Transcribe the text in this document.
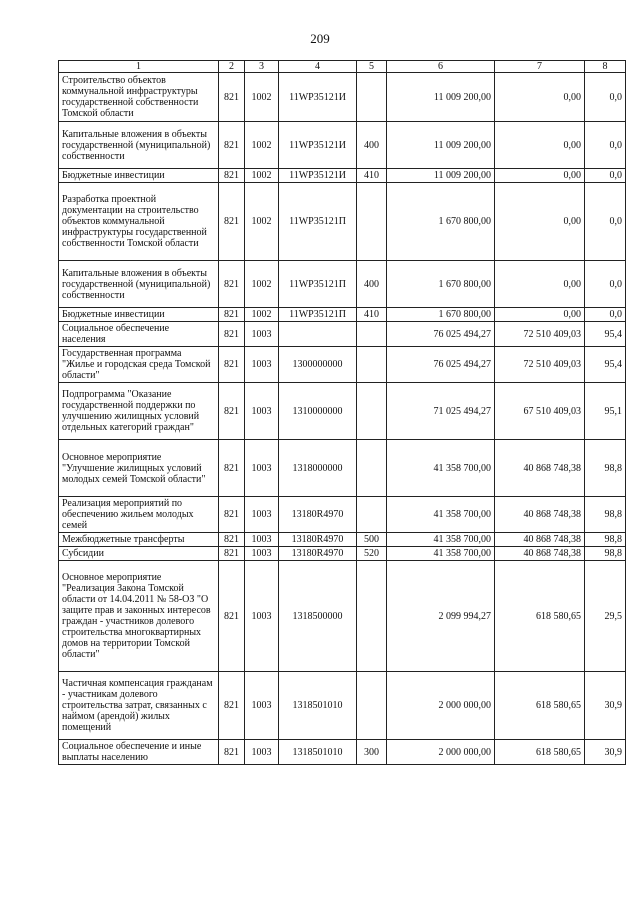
209
1	2	3	4	5	6	7	8
Строительство объектов коммунальной инфраструктуры государственной собственности Томской области	821	1002	11WP35121И		11 009 200,00	0,00	0,0
Капитальные вложения в объекты государственной (муниципальной) собственности	821	1002	11WP35121И	400	11 009 200,00	0,00	0,0
Бюджетные инвестиции	821	1002	11WP35121И	410	11 009 200,00	0,00	0,0
Разработка проектной документации на строительство объектов коммунальной инфраструктуры государственной собственности Томской области	821	1002	11WP35121П		1 670 800,00	0,00	0,0
Капитальные вложения в объекты государственной (муниципальной) собственности	821	1002	11WP35121П	400	1 670 800,00	0,00	0,0
Бюджетные инвестиции	821	1002	11WP35121П	410	1 670 800,00	0,00	0,0
Социальное обеспечение населения	821	1003			76 025 494,27	72 510 409,03	95,4
Государственная программа "Жилье и городская среда Томской области"	821	1003	1300000000		76 025 494,27	72 510 409,03	95,4
Подпрограмма "Оказание государственной поддержки по улучшению жилищных условий отдельных категорий граждан"	821	1003	1310000000		71 025 494,27	67 510 409,03	95,1
Основное мероприятие "Улучшение жилищных условий молодых семей Томской области"	821	1003	1318000000		41 358 700,00	40 868 748,38	98,8
Реализация мероприятий по обеспечению жильем молодых семей	821	1003	13180R4970		41 358 700,00	40 868 748,38	98,8
Межбюджетные трансферты	821	1003	13180R4970	500	41 358 700,00	40 868 748,38	98,8
Субсидии	821	1003	13180R4970	520	41 358 700,00	40 868 748,38	98,8
Основное мероприятие "Реализация Закона Томской области от 14.04.2011 № 58-ОЗ "О защите прав и законных интересов граждан - участников долевого строительства многоквартирных домов на территории Томской области"	821	1003	1318500000		2 099 994,27	618 580,65	29,5
Частичная компенсация гражданам - участникам долевого строительства затрат, связанных с наймом (арендой) жилых помещений	821	1003	1318501010		2 000 000,00	618 580,65	30,9
Социальное обеспечение и иные выплаты населению	821	1003	1318501010	300	2 000 000,00	618 580,65	30,9
